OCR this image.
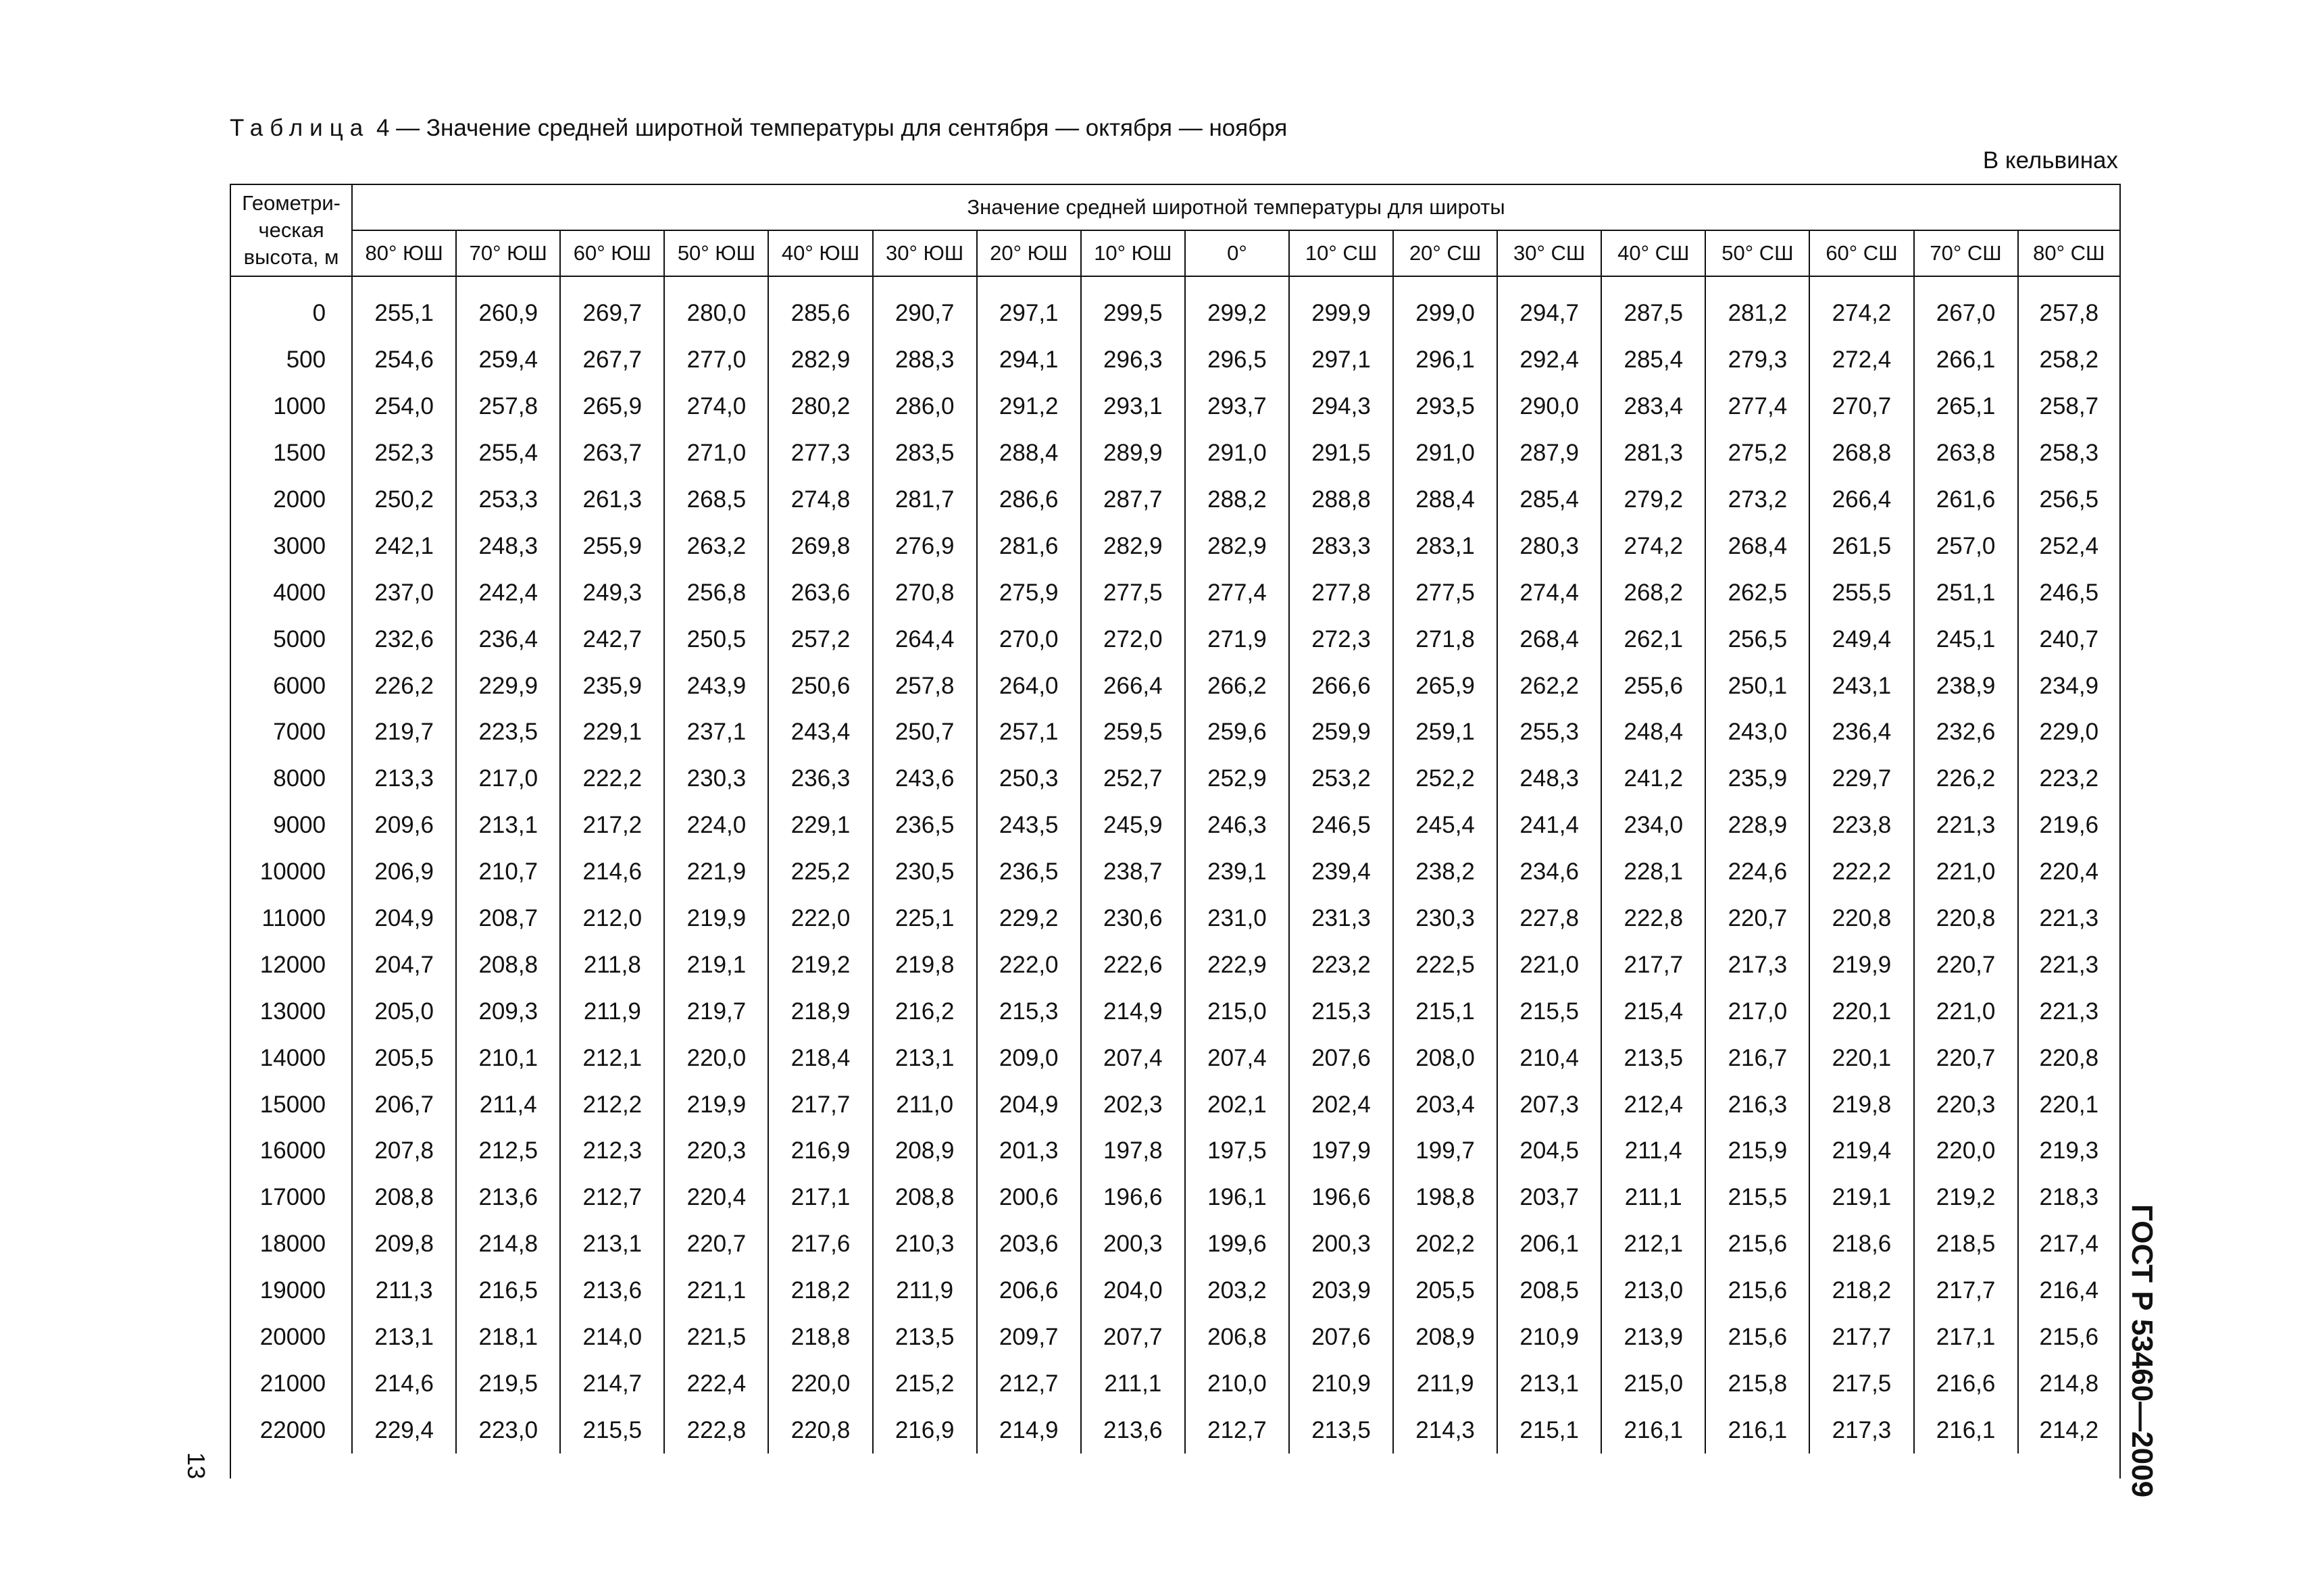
Таблица 4 — Значение средней широтной температуры для сентября — октября — ноября
В кельвинах
Геометри-
ческая
высота, м	Значение средней широтной температуры для широты																
	80° ЮШ	70° ЮШ	60° ЮШ	50° ЮШ	40° ЮШ	30° ЮШ	20° ЮШ	10° ЮШ	0°	10° СШ	20° СШ	30° СШ	40° СШ	50° СШ	60° СШ	70° СШ	80° СШ

0	255,1	260,9	269,7	280,0	285,6	290,7	297,1	299,5	299,2	299,9	299,0	294,7	287,5	281,2	274,2	267,0	257,8
500	254,6	259,4	267,7	277,0	282,9	288,3	294,1	296,3	296,5	297,1	296,1	292,4	285,4	279,3	272,4	266,1	258,2
1000	254,0	257,8	265,9	274,0	280,2	286,0	291,2	293,1	293,7	294,3	293,5	290,0	283,4	277,4	270,7	265,1	258,7
1500	252,3	255,4	263,7	271,0	277,3	283,5	288,4	289,9	291,0	291,5	291,0	287,9	281,3	275,2	268,8	263,8	258,3
2000	250,2	253,3	261,3	268,5	274,8	281,7	286,6	287,7	288,2	288,8	288,4	285,4	279,2	273,2	266,4	261,6	256,5
3000	242,1	248,3	255,9	263,2	269,8	276,9	281,6	282,9	282,9	283,3	283,1	280,3	274,2	268,4	261,5	257,0	252,4
4000	237,0	242,4	249,3	256,8	263,6	270,8	275,9	277,5	277,4	277,8	277,5	274,4	268,2	262,5	255,5	251,1	246,5
5000	232,6	236,4	242,7	250,5	257,2	264,4	270,0	272,0	271,9	272,3	271,8	268,4	262,1	256,5	249,4	245,1	240,7
6000	226,2	229,9	235,9	243,9	250,6	257,8	264,0	266,4	266,2	266,6	265,9	262,2	255,6	250,1	243,1	238,9	234,9
7000	219,7	223,5	229,1	237,1	243,4	250,7	257,1	259,5	259,6	259,9	259,1	255,3	248,4	243,0	236,4	232,6	229,0
8000	213,3	217,0	222,2	230,3	236,3	243,6	250,3	252,7	252,9	253,2	252,2	248,3	241,2	235,9	229,7	226,2	223,2
9000	209,6	213,1	217,2	224,0	229,1	236,5	243,5	245,9	246,3	246,5	245,4	241,4	234,0	228,9	223,8	221,3	219,6
10000	206,9	210,7	214,6	221,9	225,2	230,5	236,5	238,7	239,1	239,4	238,2	234,6	228,1	224,6	222,2	221,0	220,4
11000	204,9	208,7	212,0	219,9	222,0	225,1	229,2	230,6	231,0	231,3	230,3	227,8	222,8	220,7	220,8	220,8	221,3
12000	204,7	208,8	211,8	219,1	219,2	219,8	222,0	222,6	222,9	223,2	222,5	221,0	217,7	217,3	219,9	220,7	221,3
13000	205,0	209,3	211,9	219,7	218,9	216,2	215,3	214,9	215,0	215,3	215,1	215,5	215,4	217,0	220,1	221,0	221,3
14000	205,5	210,1	212,1	220,0	218,4	213,1	209,0	207,4	207,4	207,6	208,0	210,4	213,5	216,7	220,1	220,7	220,8
15000	206,7	211,4	212,2	219,9	217,7	211,0	204,9	202,3	202,1	202,4	203,4	207,3	212,4	216,3	219,8	220,3	220,1
16000	207,8	212,5	212,3	220,3	216,9	208,9	201,3	197,8	197,5	197,9	199,7	204,5	211,4	215,9	219,4	220,0	219,3
17000	208,8	213,6	212,7	220,4	217,1	208,8	200,6	196,6	196,1	196,6	198,8	203,7	211,1	215,5	219,1	219,2	218,3
18000	209,8	214,8	213,1	220,7	217,6	210,3	203,6	200,3	199,6	200,3	202,2	206,1	212,1	215,6	218,6	218,5	217,4
19000	211,3	216,5	213,6	221,1	218,2	211,9	206,6	204,0	203,2	203,9	205,5	208,5	213,0	215,6	218,2	217,7	216,4
20000	213,1	218,1	214,0	221,5	218,8	213,5	209,7	207,7	206,8	207,6	208,9	210,9	213,9	215,6	217,7	217,1	215,6
21000	214,6	219,5	214,7	222,4	220,0	215,2	212,7	211,1	210,0	210,9	211,9	213,1	215,0	215,8	217,5	216,6	214,8
22000	229,4	223,0	215,5	222,8	220,8	216,9	214,9	213,6	212,7	213,5	214,3	215,1	216,1	216,1	217,3	216,1	214,2 ГОСТ Р 53460—2009
13
